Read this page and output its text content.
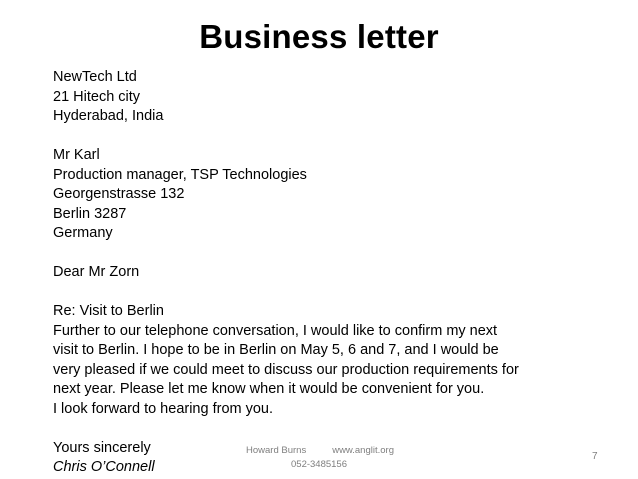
Business letter
NewTech Ltd
21 Hitech city
Hyderabad, India
Mr Karl
Production manager, TSP Technologies
Georgenstrasse 132
Berlin 3287
Germany
Dear Mr Zorn
Re: Visit to Berlin
Further to our telephone conversation, I would like to confirm my next
visit to Berlin. I hope to be in Berlin on May 5, 6 and 7, and I would be
very pleased if we could meet to discuss our production requirements for
next year. Please let me know when it would be convenient for you.
I look forward to hearing from you.
Yours sincerely
Chris O’Connell
Howard Burns	www.anglit.org
052-3485156
7
